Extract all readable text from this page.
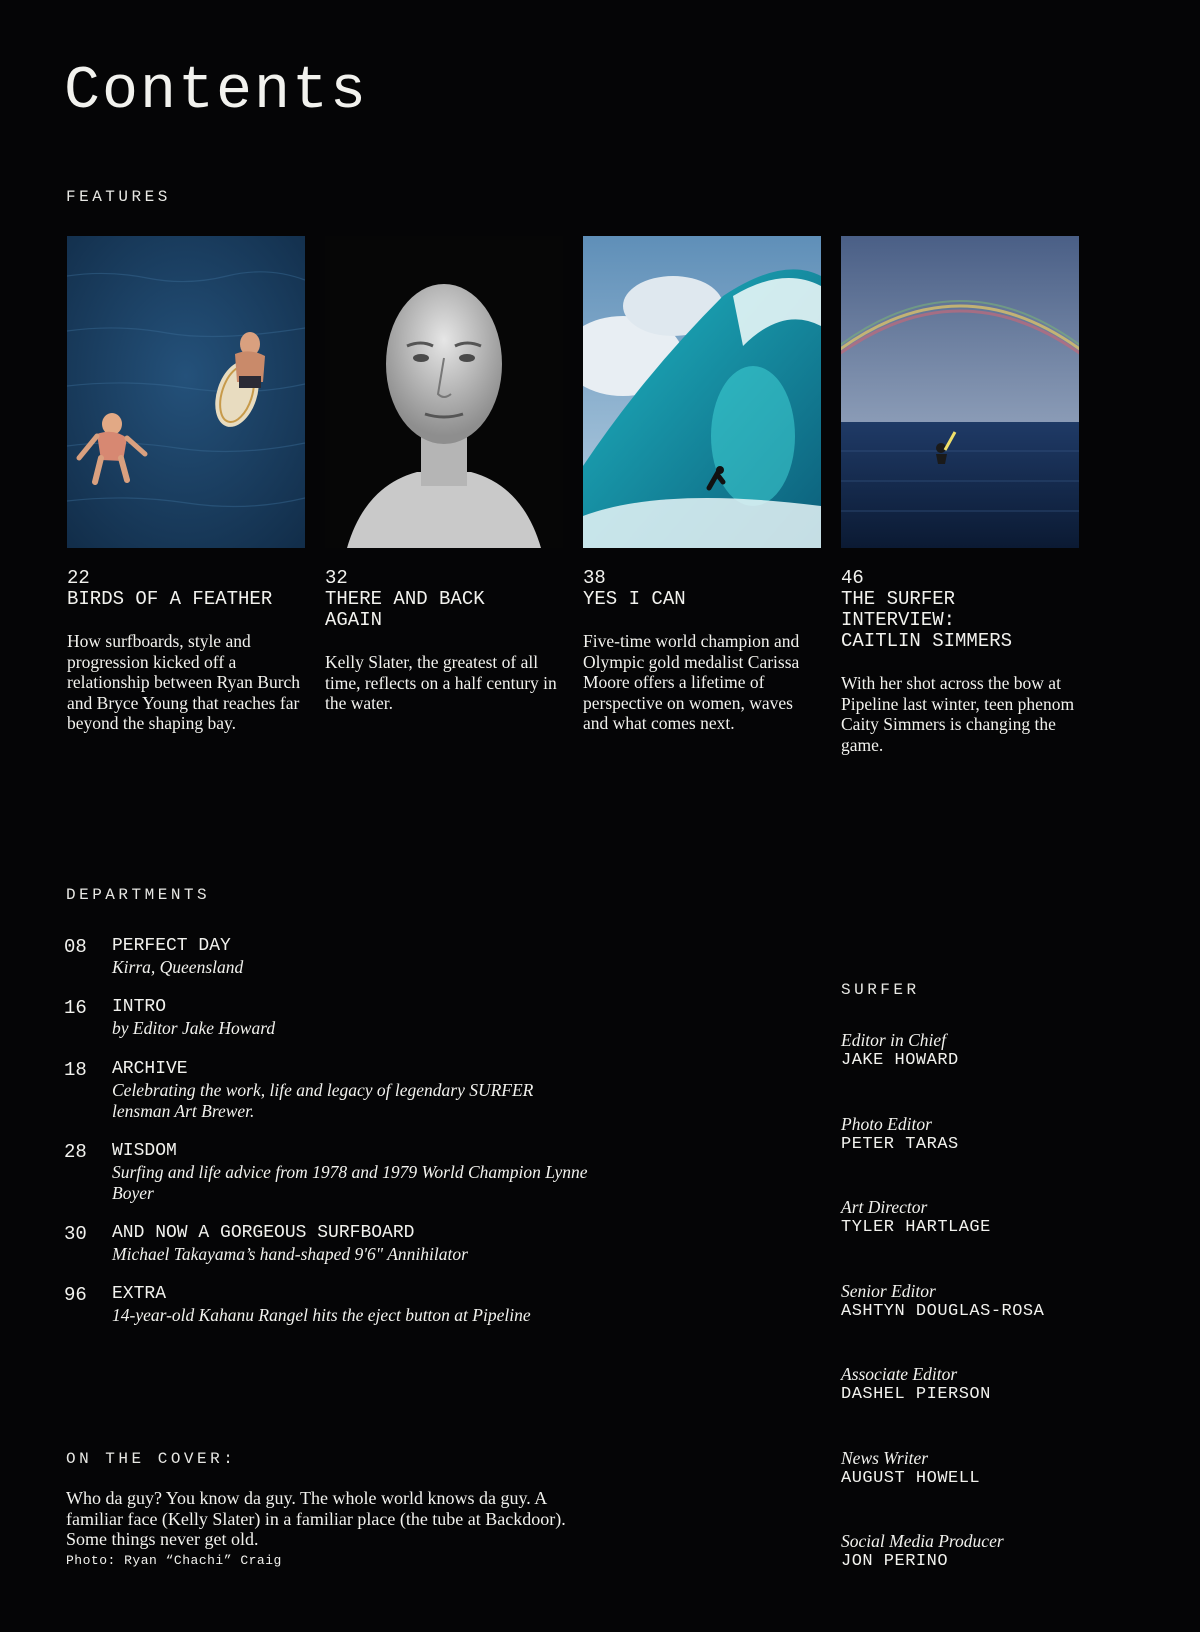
Contents
FEATURES
22
BIRDS OF A FEATHER
How surfboards, style and progression kicked off a relationship between Ryan Burch and Bryce Young that reaches far beyond the shaping bay.
32
THERE AND BACK
AGAIN
Kelly Slater, the greatest of all time, reflects on a half century in the water.
38
YES I CAN
Five-time world champion and Olympic gold medalist Carissa Moore offers a lifetime of perspective on women, waves and what comes next.
46
THE SURFER
INTERVIEW:
CAITLIN SIMMERS
With her shot across the bow at Pipeline last winter, teen phenom Caity Simmers is changing the game.
DEPARTMENTS
08 PERFECT DAY
Kirra, Queensland
16 INTRO
by Editor Jake Howard
18 ARCHIVE
Celebrating the work, life and legacy of legendary SURFER lensman Art Brewer.
28 WISDOM
Surfing and life advice from 1978 and 1979 World Champion Lynne Boyer
30 AND NOW A GORGEOUS SURFBOARD
Michael Takayama’s hand-shaped 9'6" Annihilator
96 EXTRA
14-year-old Kahanu Rangel hits the eject button at Pipeline
ON THE COVER:
Who da guy? You know da guy. The whole world knows da guy. A familiar face (Kelly Slater) in a familiar place (the tube at Backdoor). Some things never get old.
Photo: Ryan “Chachi” Craig
SURFER
Editor in Chief
JAKE HOWARD
Photo Editor
PETER TARAS
Art Director
TYLER HARTLAGE
Senior Editor
ASHTYN DOUGLAS-ROSA
Associate Editor
DASHEL PIERSON
News Writer
AUGUST HOWELL
Social Media Producer
JON PERINO
